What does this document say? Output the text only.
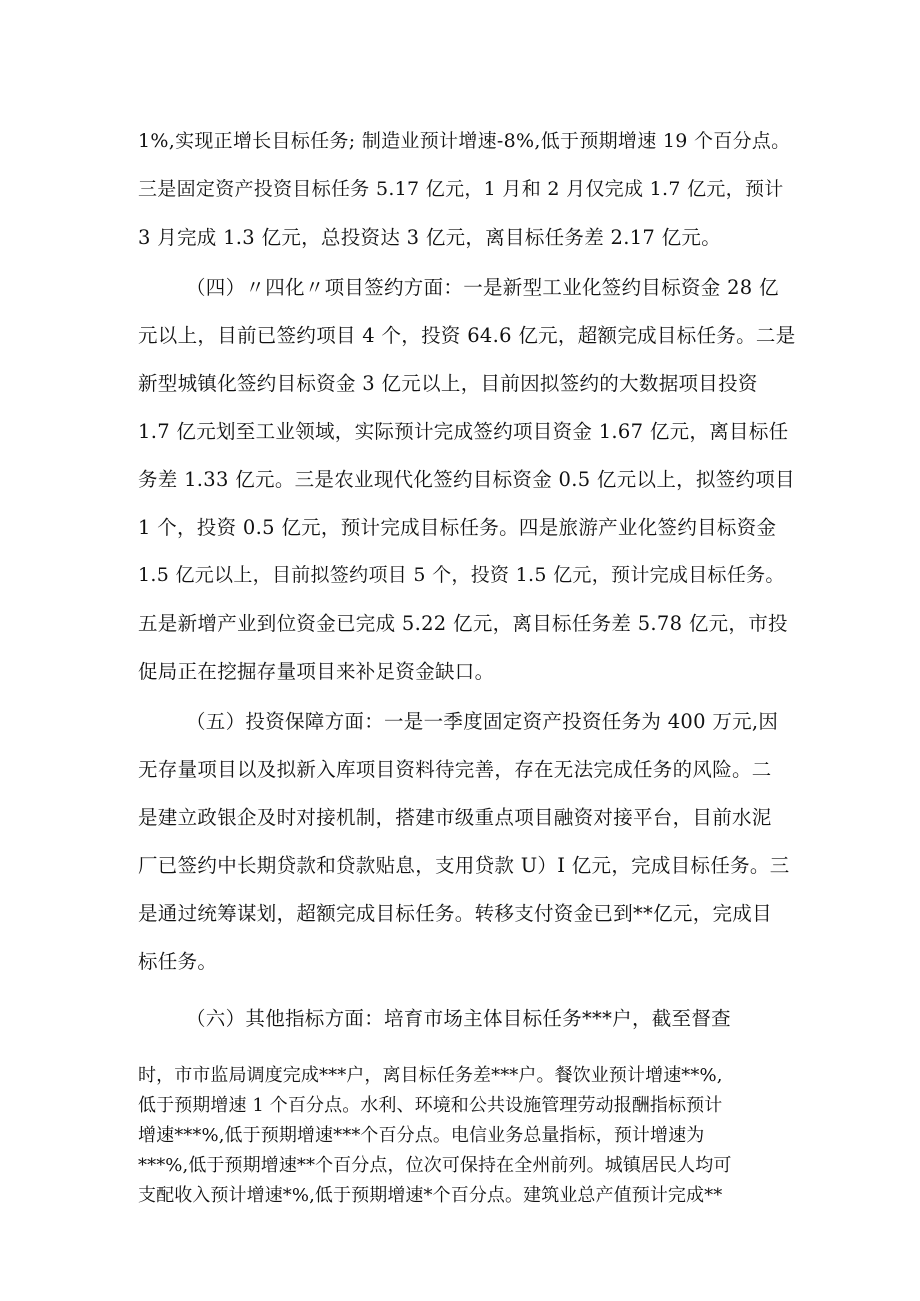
1%,实现正增长目标任务; 制造业预计增速-8%,低于预期增速 19 个百分点。
三是固定资产投资目标任务 5.17 亿元，1 月和 2 月仅完成 1.7 亿元，预计
3 月完成 1.3 亿元，总投资达 3 亿元，离目标任务差 2.17 亿元。
（四）〃四化〃项目签约方面：一是新型工业化签约目标资金 28 亿
元以上，目前已签约项目 4 个，投资 64.6 亿元，超额完成目标任务。二是
新型城镇化签约目标资金 3 亿元以上，目前因拟签约的大数据项目投资
1.7 亿元划至工业领域，实际预计完成签约项目资金 1.67 亿元，离目标任
务差 1.33 亿元。三是农业现代化签约目标资金 0.5 亿元以上，拟签约项目
1 个，投资 0.5 亿元，预计完成目标任务。四是旅游产业化签约目标资金
1.5 亿元以上，目前拟签约项目 5 个，投资 1.5 亿元，预计完成目标任务。
五是新增产业到位资金已完成 5.22 亿元，离目标任务差 5.78 亿元，市投
促局正在挖掘存量项目来补足资金缺口。
（五）投资保障方面：一是一季度固定资产投资任务为 400 万元,因
无存量项目以及拟新入库项目资料待完善，存在无法完成任务的风险。二
是建立政银企及时对接机制，搭建市级重点项目融资对接平台，目前水泥
厂已签约中长期贷款和贷款贴息，支用贷款 U）I 亿元，完成目标任务。三
是通过统筹谋划，超额完成目标任务。转移支付资金已到**亿元，完成目
标任务。
（六）其他指标方面：培育市场主体目标任务***户，截至督查
时，市市监局调度完成***户，离目标任务差***户。餐饮业预计增速**%,
低于预期增速 1 个百分点。水利、环境和公共设施管理劳动报酬指标预计
增速***%,低于预期增速***个百分点。电信业务总量指标，预计增速为
***%,低于预期增速**个百分点，位次可保持在全州前列。城镇居民人均可
支配收入预计增速*%,低于预期增速*个百分点。建筑业总产值预计完成**
